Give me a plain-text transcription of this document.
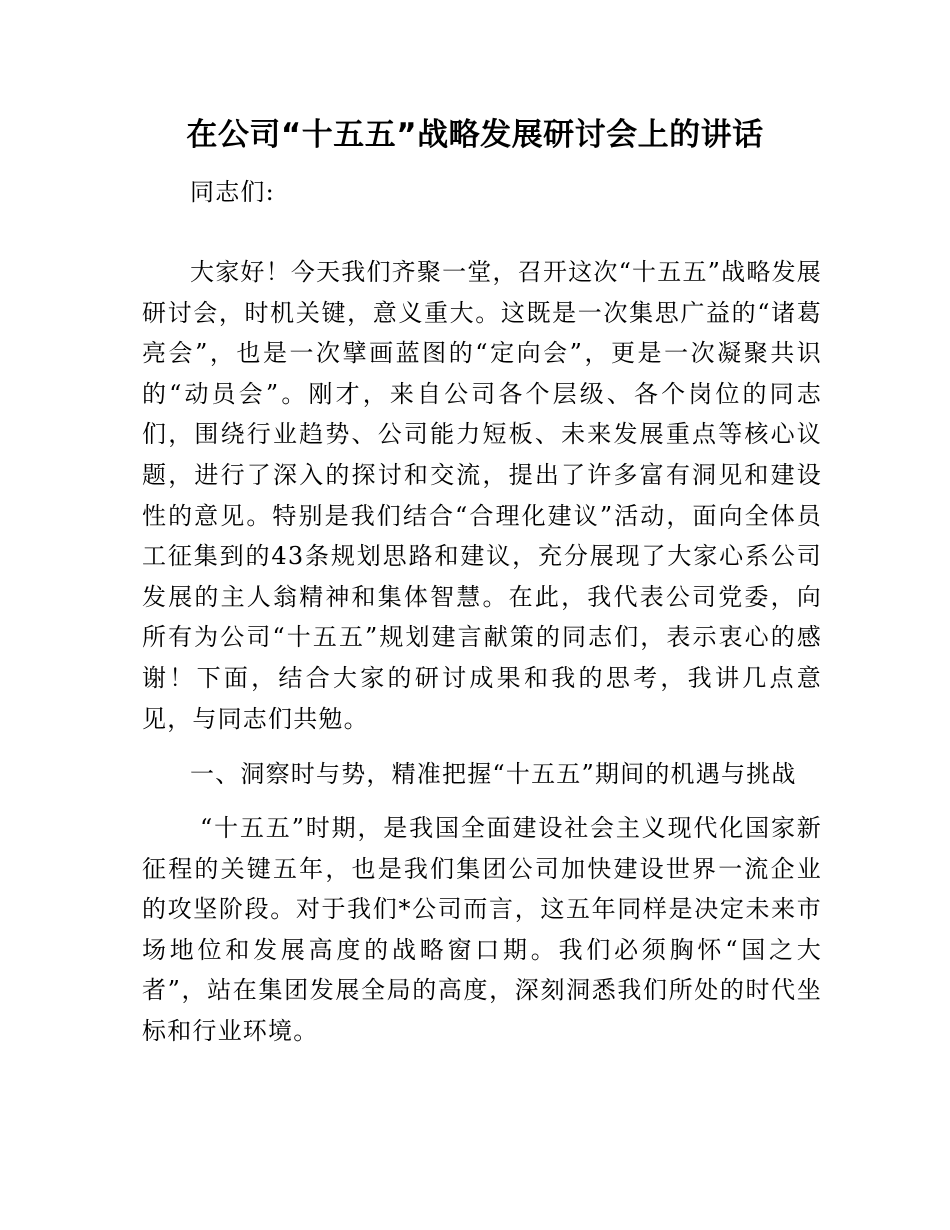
在公司“十五五”战略发展研讨会上的讲话

同志们:

大家好！今天我们齐聚一堂，召开这次“十五五”战略发展研讨会，时机关键，意义重大。这既是一次集思广益的“诸葛亮会”，也是一次擘画蓝图的“定向会”，更是一次凝聚共识的“动员会”。刚才，来自公司各个层级、各个岗位的同志们，围绕行业趋势、公司能力短板、未来发展重点等核心议题，进行了深入的探讨和交流，提出了许多富有洞见和建设性的意见。特别是我们结合“合理化建议”活动，面向全体员工征集到的43条规划思路和建议，充分展现了大家心系公司发展的主人翁精神和集体智慧。在此，我代表公司党委，向所有为公司“十五五”规划建言献策的同志们，表示衷心的感谢！下面，结合大家的研讨成果和我的思考，我讲几点意见，与同志们共勉。

一、洞察时与势，精准把握“十五五”期间的机遇与挑战

“十五五”时期，是我国全面建设社会主义现代化国家新征程的关键五年，也是我们集团公司加快建设世界一流企业的攻坚阶段。对于我们*公司而言，这五年同样是决定未来市场地位和发展高度的战略窗口期。我们必须胸怀“国之大者”，站在集团发展全局的高度，深刻洞悉我们所处的时代坐标和行业环境。
